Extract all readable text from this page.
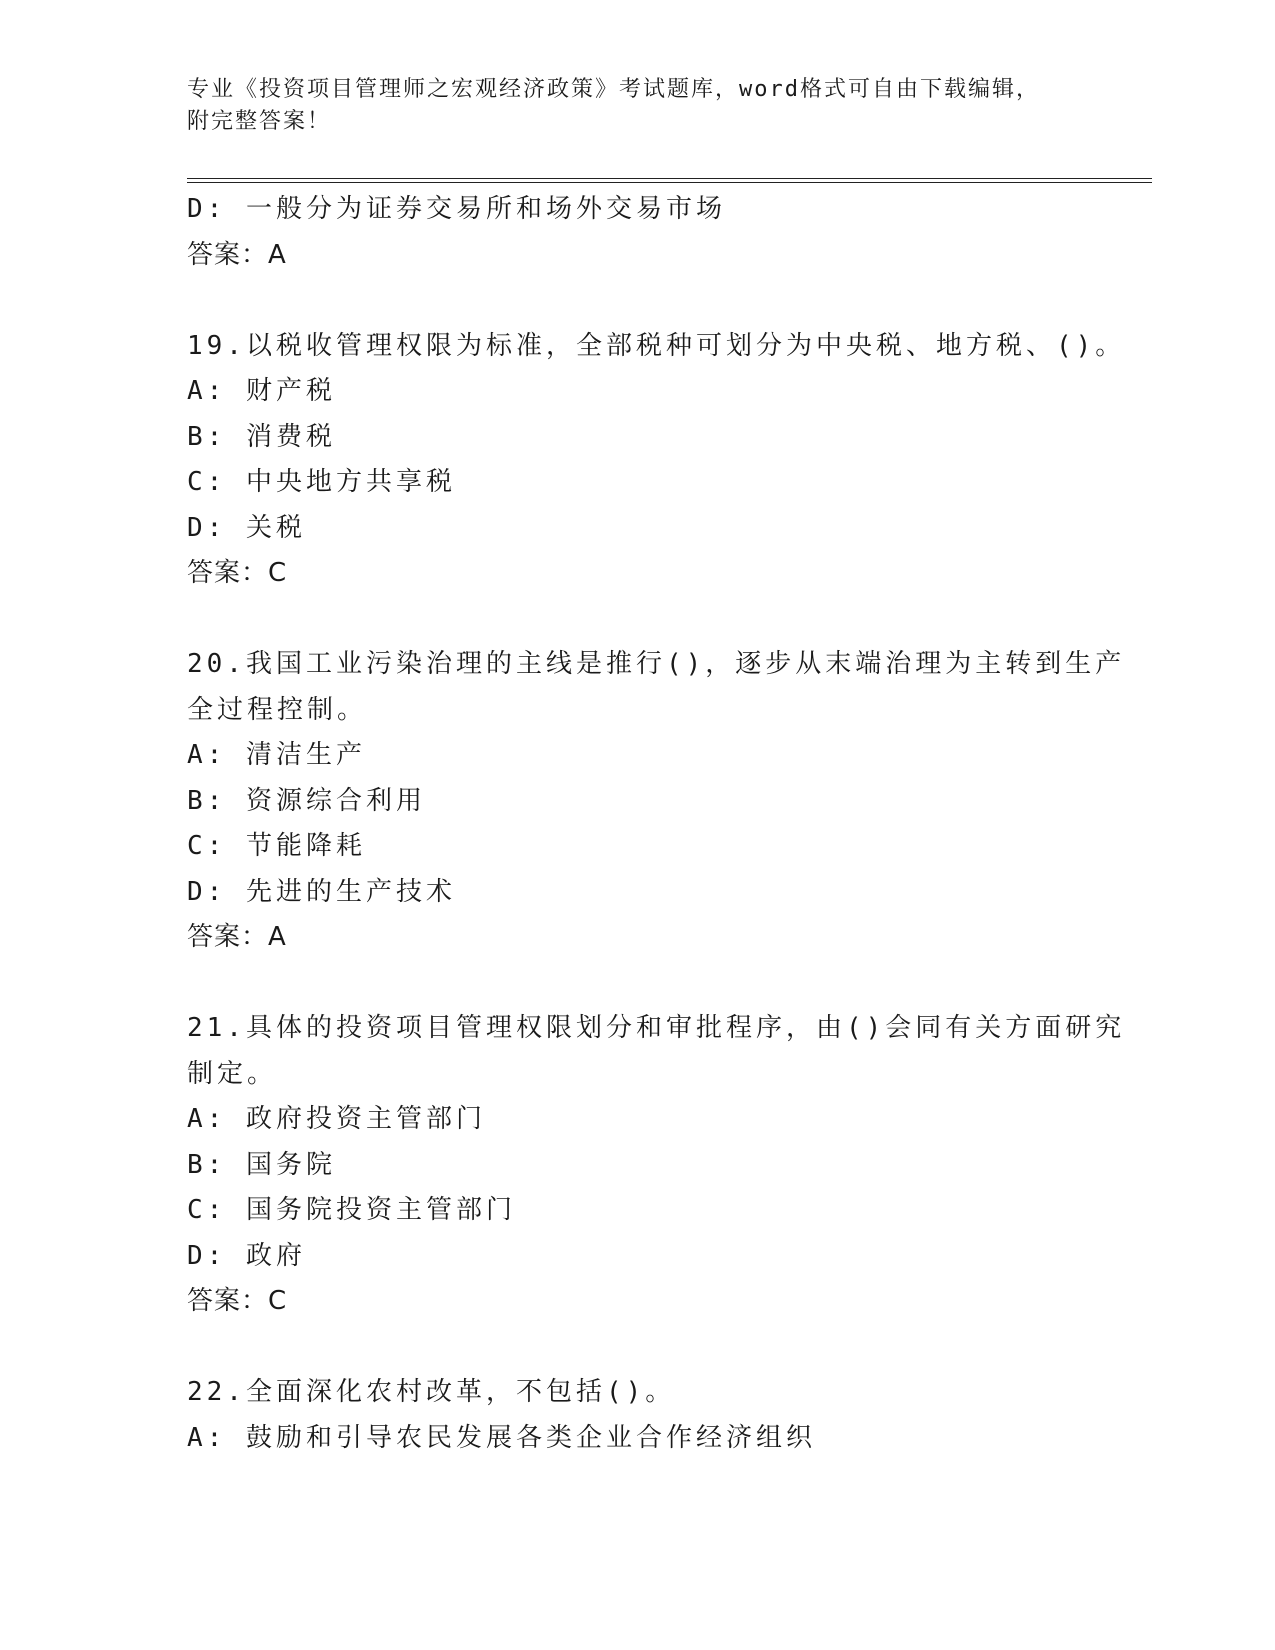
专业《投资项目管理师之宏观经济政策》考试题库，word格式可自由下载编辑，
附完整答案！
D: 一般分为证券交易所和场外交易市场
答案：A
19.以税收管理权限为标准，全部税种可划分为中央税、地方税、()。
A: 财产税
B: 消费税
C: 中央地方共享税
D: 关税
答案：C
20.我国工业污染治理的主线是推行()，逐步从末端治理为主转到生产
全过程控制。
A: 清洁生产
B: 资源综合利用
C: 节能降耗
D: 先进的生产技术
答案：A
21.具体的投资项目管理权限划分和审批程序，由()会同有关方面研究
制定。
A: 政府投资主管部门
B: 国务院
C: 国务院投资主管部门
D: 政府
答案：C
22.全面深化农村改革，不包括()。
A: 鼓励和引导农民发展各类企业合作经济组织
